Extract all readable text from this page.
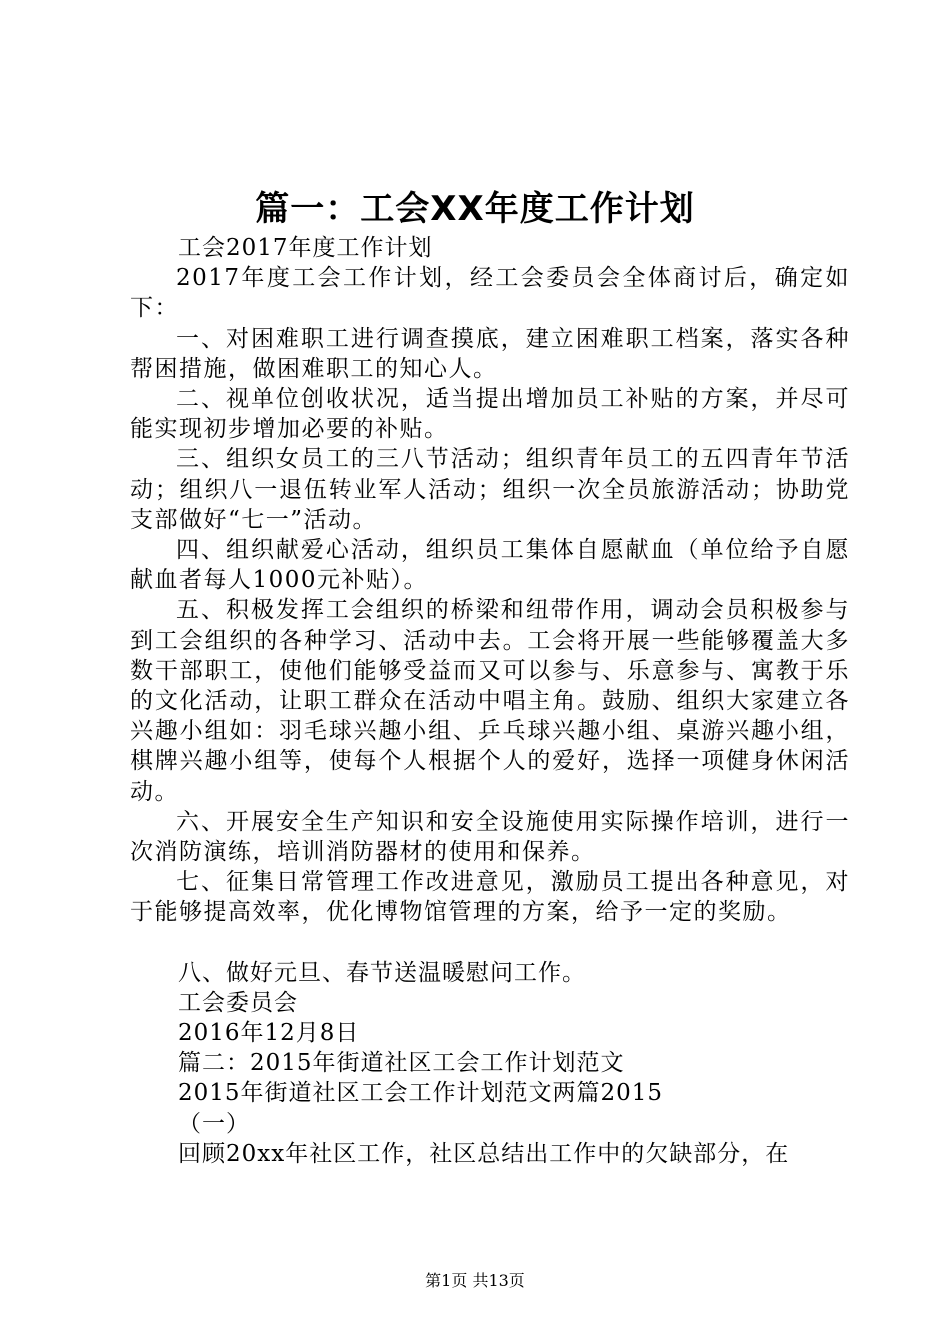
篇一：工会XX年度工作计划

工会2017年度工作计划

2017年度工会工作计划，经工会委员会全体商讨后，确定如下：

一、对困难职工进行调查摸底，建立困难职工档案，落实各种帮困措施，做困难职工的知心人。

二、视单位创收状况，适当提出增加员工补贴的方案，并尽可能实现初步增加必要的补贴。

三、组织女员工的三八节活动；组织青年员工的五四青年节活动；组织八一退伍转业军人活动；组织一次全员旅游活动；协助党支部做好“七一”活动。

四、组织献爱心活动，组织员工集体自愿献血（单位给予自愿献血者每人1000元补贴）。

五、积极发挥工会组织的桥梁和纽带作用，调动会员积极参与到工会组织的各种学习、活动中去。工会将开展一些能够覆盖大多数干部职工，使他们能够受益而又可以参与、乐意参与、寓教于乐的文化活动，让职工群众在活动中唱主角。鼓励、组织大家建立各兴趣小组如：羽毛球兴趣小组、乒乓球兴趣小组、桌游兴趣小组，棋牌兴趣小组等，使每个人根据个人的爱好，选择一项健身休闲活动。

六、开展安全生产知识和安全设施使用实际操作培训，进行一次消防演练，培训消防器材的使用和保养。

七、征集日常管理工作改进意见，激励员工提出各种意见，对于能够提高效率，优化博物馆管理的方案，给予一定的奖励。

八、做好元旦、春节送温暖慰问工作。

工会委员会

2016年12月8日

篇二：2015年街道社区工会工作计划范文

2015年街道社区工会工作计划范文两篇2015

（一）

回顾20xx年社区工作，社区总结出工作中的欠缺部分，在

第1页 共13页
